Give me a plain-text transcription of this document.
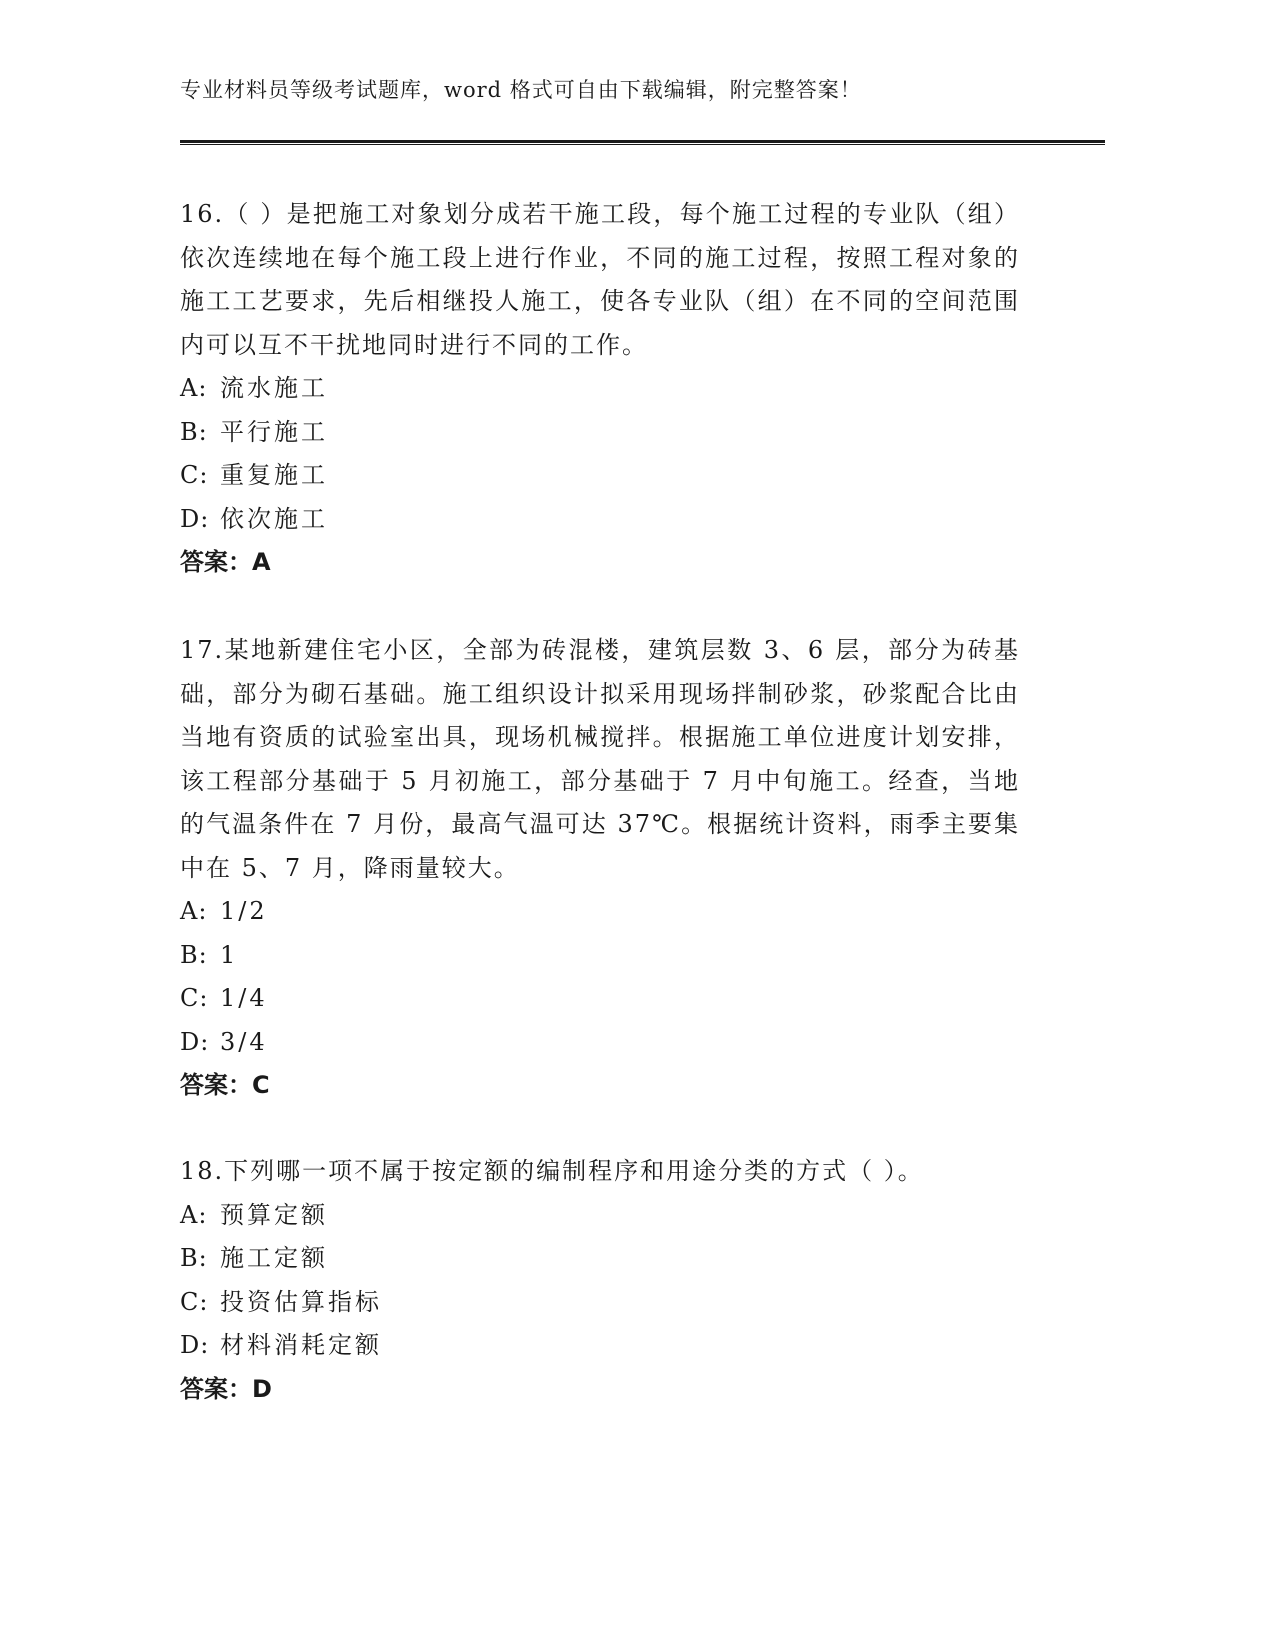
专业材料员等级考试题库，word 格式可自由下载编辑，附完整答案！

16.（ ）是把施工对象划分成若干施工段，每个施工过程的专业队（组）依次连续地在每个施工段上进行作业，不同的施工过程，按照工程对象的施工工艺要求，先后相继投人施工，使各专业队（组）在不同的空间范围内可以互不干扰地同时进行不同的工作。

A: 流水施工
B: 平行施工
C: 重复施工
D: 依次施工
答案：A

17.某地新建住宅小区，全部为砖混楼，建筑层数 3、6 层，部分为砖基础，部分为砌石基础。施工组织设计拟采用现场拌制砂浆，砂浆配合比由当地有资质的试验室出具，现场机械搅拌。根据施工单位进度计划安排，该工程部分基础于 5 月初施工，部分基础于 7 月中旬施工。经查，当地的气温条件在 7 月份，最高气温可达 37℃。根据统计资料，雨季主要集中在 5、7 月，降雨量较大。

A: 1/2
B: 1
C: 1/4
D: 3/4
答案：C

18.下列哪一项不属于按定额的编制程序和用途分类的方式（ ）。

A: 预算定额
B: 施工定额
C: 投资估算指标
D: 材料消耗定额
答案：D
